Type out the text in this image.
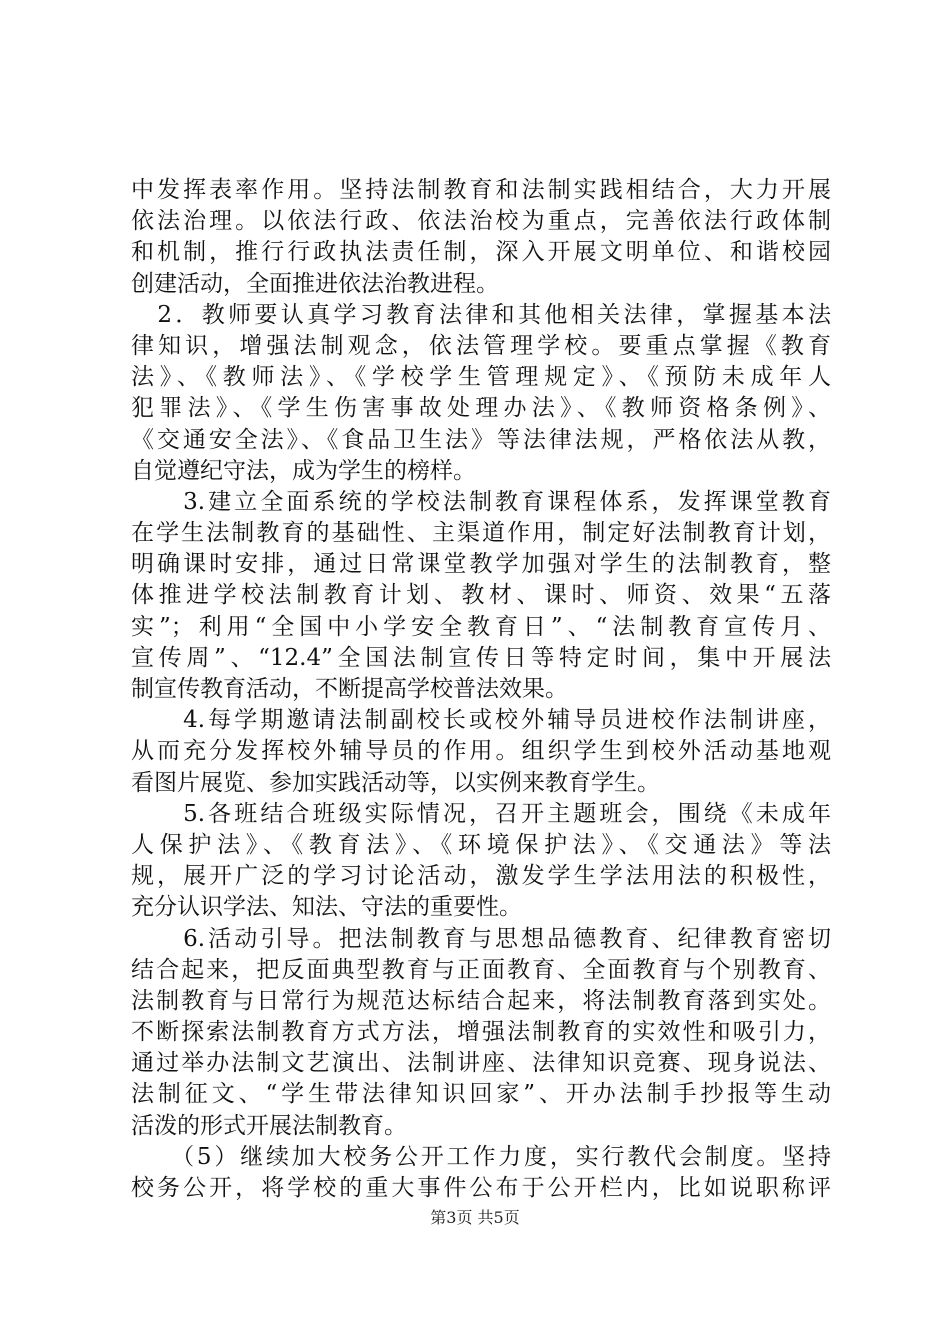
中发挥表率作用。坚持法制教育和法制实践相结合，大力开展
依法治理。以依法行政、依法治校为重点，完善依法行政体制
和机制，推行行政执法责任制，深入开展文明单位、和谐校园
创建活动，全面推进依法治教进程。
　2．教师要认真学习教育法律和其他相关法律，掌握基本法
律知识，增强法制观念，依法管理学校。要重点掌握《教育
法》、《教师法》、《学校学生管理规定》、《预防未成年人
犯罪法》、《学生伤害事故处理办法》、《教师资格条例》、
《交通安全法》、《食品卫生法》等法律法规，严格依法从教，
自觉遵纪守法，成为学生的榜样。
　　3.建立全面系统的学校法制教育课程体系，发挥课堂教育
在学生法制教育的基础性、主渠道作用，制定好法制教育计划，
明确课时安排，通过日常课堂教学加强对学生的法制教育，整
体推进学校法制教育计划、教材、课时、师资、效果“五落
实”；利用“全国中小学安全教育日”、“法制教育宣传月、
宣传周”、“12.4”全国法制宣传日等特定时间，集中开展法
制宣传教育活动，不断提高学校普法效果。
　　4.每学期邀请法制副校长或校外辅导员进校作法制讲座，
从而充分发挥校外辅导员的作用。组织学生到校外活动基地观
看图片展览、参加实践活动等，以实例来教育学生。
　　5.各班结合班级实际情况，召开主题班会，围绕《未成年
人保护法》、《教育法》、《环境保护法》、《交通法》等法
规，展开广泛的学习讨论活动，激发学生学法用法的积极性，
充分认识学法、知法、守法的重要性。
　　6.活动引导。把法制教育与思想品德教育、纪律教育密切
结合起来，把反面典型教育与正面教育、全面教育与个别教育、
法制教育与日常行为规范达标结合起来，将法制教育落到实处。
不断探索法制教育方式方法，增强法制教育的实效性和吸引力，
通过举办法制文艺演出、法制讲座、法律知识竞赛、现身说法、
法制征文、“学生带法律知识回家”、开办法制手抄报等生动
活泼的形式开展法制教育。
　　（5）继续加大校务公开工作力度，实行教代会制度。坚持
校务公开，将学校的重大事件公布于公开栏内，比如说职称评
第3页 共5页
